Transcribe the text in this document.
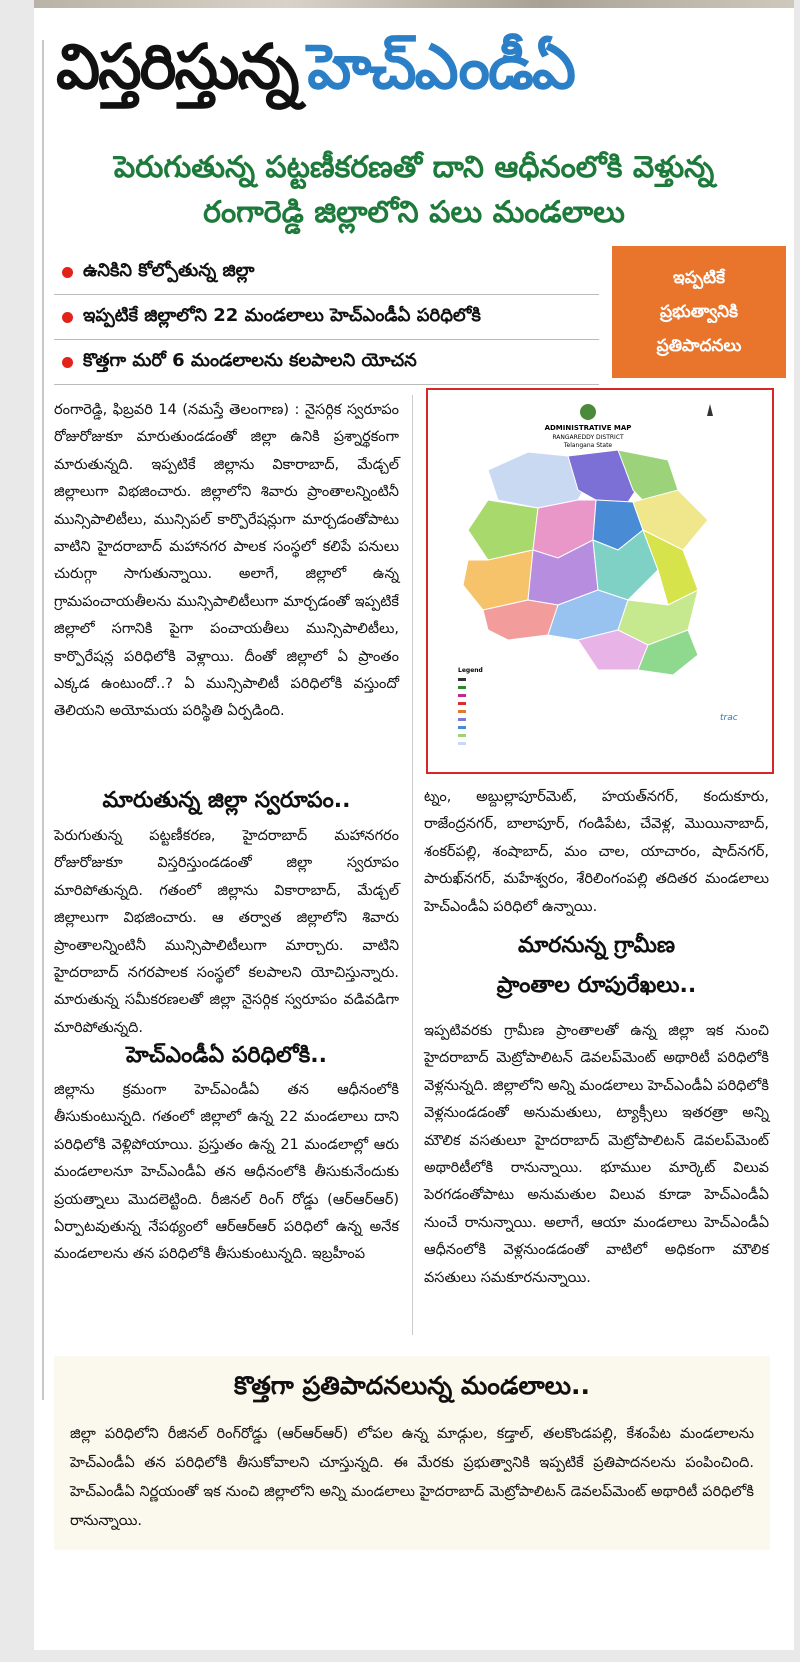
విస్తరిస్తున్న హెచ్‌ఎండీఏ
పెరుగుతున్న పట్టణీకరణతో దాని ఆధీనంలోకి వెళ్తున్న
రంగారెడ్డి జిల్లాలోని పలు మండలాలు
ఉనికిని కోల్పోతున్న జిల్లా
ఇప్పటికే జిల్లాలోని 22 మండలాలు హెచ్‌ఎండీఏ పరిధిలోకి
కొత్తగా మరో 6 మండలాలను కలపాలని యోచన
ఇప్పటికే
ప్రభుత్వానికి
ప్రతిపాదనలు
రంగారెడ్డి, ఫిబ్రవరి 14 (నమస్తే తెలంగాణ) : నైసర్గిక స్వరూపం రోజురోజుకూ మారుతుండడంతో జిల్లా ఉనికి ప్రశ్నార్థకంగా మారుతున్నది. ఇప్పటికే జిల్లాను వికారాబాద్, మేడ్చల్ జిల్లాలుగా విభజించారు. జిల్లాలోని శివారు ప్రాంతాలన్నింటినీ మున్సిపాలిటీలు, మున్సిపల్ కార్పొరేషన్లుగా మార్చడంతోపాటు వాటిని హైదరాబాద్ మహానగర పాలక సంస్థలో కలిపే పనులు చురుగ్గా సాగుతున్నాయి. అలాగే, జిల్లాలో ఉన్న గ్రామపంచాయతీలను మున్సిపాలిటీలుగా మార్చడంతో ఇప్పటికే జిల్లాలో సగానికి పైగా పంచాయతీలు మున్సిపాలిటీలు, కార్పొరేషన్ల పరిధిలోకి వెళ్లాయి. దీంతో జిల్లాలో ఏ ప్రాంతం ఎక్కడ ఉంటుందో..? ఏ మున్సిపాలిటీ పరిధిలోకి వస్తుందో తెలియని అయోమయ పరిస్థితి ఏర్పడింది.
మారుతున్న జిల్లా స్వరూపం..
పెరుగుతున్న పట్టణీకరణ, హైదరాబాద్ మహానగరం రోజురోజుకూ విస్తరిస్తుండడంతో జిల్లా స్వరూపం మారిపోతున్నది. గతంలో జిల్లాను వికారాబాద్, మేడ్చల్ జిల్లాలుగా విభజించారు. ఆ తర్వాత జిల్లాలోని శివారు ప్రాంతాలన్నింటినీ మున్సిపాలిటీలుగా మార్చారు. వాటిని హైదరాబాద్ నగరపాలక సంస్థలో కలపాలని యోచిస్తున్నారు. మారుతున్న సమీకరణలతో జిల్లా నైసర్గిక స్వరూపం వడివడిగా మారిపోతున్నది.
హెచ్‌ఎండీఏ పరిధిలోకి..
జిల్లాను క్రమంగా హెచ్‌ఎండీఏ తన ఆధీనంలోకి తీసుకుంటున్నది. గతంలో జిల్లాలో ఉన్న 22 మండలాలు దాని పరిధిలోకి వెళ్లిపోయాయి. ప్రస్తుతం ఉన్న 21 మండలాల్లో ఆరు మండలాలనూ హెచ్‌ఎండీఏ తన ఆధీనంలోకి తీసుకునేందుకు ప్రయత్నాలు మొదలెట్టింది. రీజినల్ రింగ్ రోడ్డు (ఆర్‌ఆర్‌ఆర్) ఏర్పాటవుతున్న నేపథ్యంలో ఆర్‌ఆర్‌ఆర్ పరిధిలో ఉన్న అనేక మండలాలను తన పరిధిలోకి తీసుకుంటున్నది. ఇబ్రహీంప
ADMINISTRATIVE MAP
RANGAREDDY DISTRICT
Telangana State
Legend
trac
ట్నం, అబ్దుల్లాపూర్‌మెట్, హయత్‌నగర్, కందుకూరు, రాజేంద్రనగర్, బాలాపూర్, గండిపేట, చేవెళ్ల, మొయినాబాద్, శంకర్‌పల్లి, శంషాబాద్, మం చాల, యాచారం, షాద్‌నగర్, పారుఖ్‌నగర్, మహేశ్వరం, శేరిలింగంపల్లి తదితర మండలాలు హెచ్‌ఎండీఏ పరిధిలో ఉన్నాయి.
మారనున్న గ్రామీణ
ప్రాంతాల రూపురేఖలు..
ఇప్పటివరకు గ్రామీణ ప్రాంతాలతో ఉన్న జిల్లా ఇక నుంచి హైదరాబాద్ మెట్రోపాలిటన్ డెవలప్‌మెంట్ అథారిటీ పరిధిలోకి వెళ్లనున్నది. జిల్లాలోని అన్ని మండలాలు హెచ్‌ఎండీఏ పరిధిలోకి వెళ్లనుండడంతో అనుమతులు, ట్యాక్సీలు ఇతరత్రా అన్ని మౌలిక వసతులూ హైదరాబాద్ మెట్రోపాలిటన్ డెవలప్‌మెంట్ అథారిటీలోకి రానున్నాయి. భూముల మార్కెట్ విలువ పెరగడంతోపాటు అనుమతుల విలువ కూడా హెచ్‌ఎండీఏ నుంచే రానున్నాయి. అలాగే, ఆయా మండలాలు హెచ్‌ఎండీఏ ఆధీనంలోకి వెళ్లనుండడంతో వాటిలో అధికంగా మౌలిక వసతులు సమకూరనున్నాయి.
కొత్తగా ప్రతిపాదనలున్న మండలాలు..
జిల్లా పరిధిలోని రీజినల్ రింగ్‌రోడ్డు (ఆర్‌ఆర్‌ఆర్) లోపల ఉన్న మాడ్గుల, కడ్తాల్, తలకొండపల్లి, కేశంపేట మండలాలను హెచ్‌ఎండీఏ తన పరిధిలోకి తీసుకోవాలని చూస్తున్నది. ఈ మేరకు ప్రభుత్వానికి ఇప్పటికే ప్రతిపాదనలను పంపించింది. హెచ్‌ఎండీఏ నిర్ణయంతో ఇక నుంచి జిల్లాలోని అన్ని మండలాలు హైదరాబాద్ మెట్రోపాలిటన్ డెవలప్‌మెంట్ అథారిటీ పరిధిలోకి రానున్నాయి.
